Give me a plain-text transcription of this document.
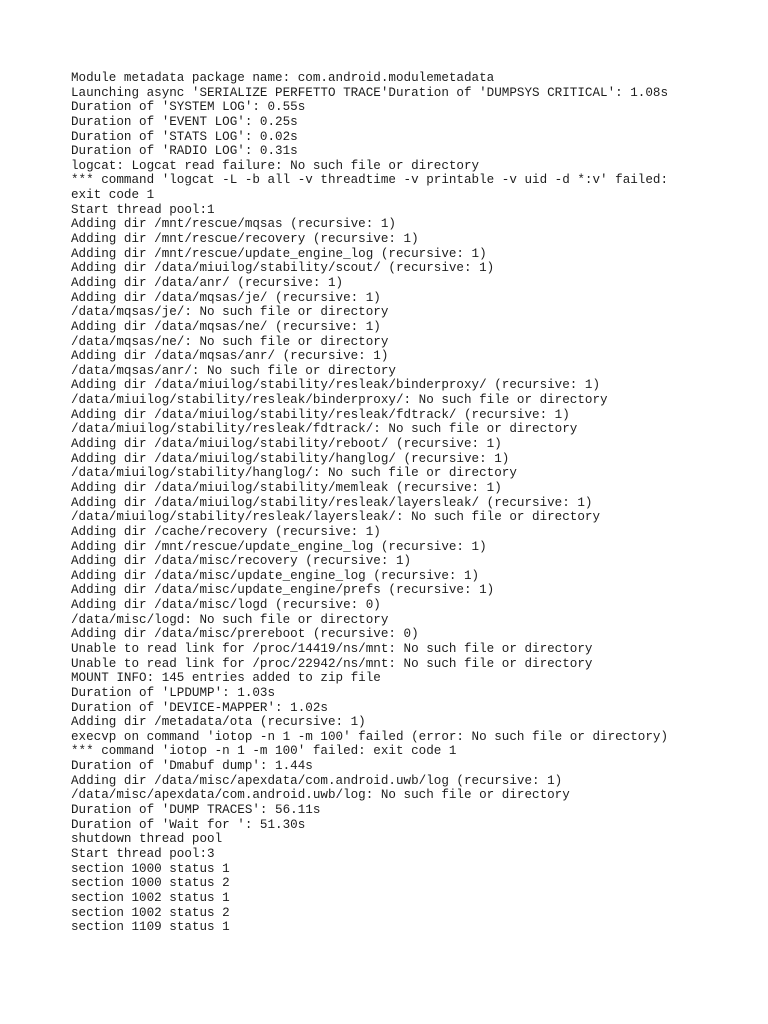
Module metadata package name: com.android.modulemetadata
Launching async 'SERIALIZE PERFETTO TRACE'Duration of 'DUMPSYS CRITICAL': 1.08s
Duration of 'SYSTEM LOG': 0.55s
Duration of 'EVENT LOG': 0.25s
Duration of 'STATS LOG': 0.02s
Duration of 'RADIO LOG': 0.31s
logcat: Logcat read failure: No such file or directory
*** command 'logcat -L -b all -v threadtime -v printable -v uid -d *:v' failed:
exit code 1
Start thread pool:1
Adding dir /mnt/rescue/mqsas (recursive: 1)
Adding dir /mnt/rescue/recovery (recursive: 1)
Adding dir /mnt/rescue/update_engine_log (recursive: 1)
Adding dir /data/miuilog/stability/scout/ (recursive: 1)
Adding dir /data/anr/ (recursive: 1)
Adding dir /data/mqsas/je/ (recursive: 1)
/data/mqsas/je/: No such file or directory
Adding dir /data/mqsas/ne/ (recursive: 1)
/data/mqsas/ne/: No such file or directory
Adding dir /data/mqsas/anr/ (recursive: 1)
/data/mqsas/anr/: No such file or directory
Adding dir /data/miuilog/stability/resleak/binderproxy/ (recursive: 1)
/data/miuilog/stability/resleak/binderproxy/: No such file or directory
Adding dir /data/miuilog/stability/resleak/fdtrack/ (recursive: 1)
/data/miuilog/stability/resleak/fdtrack/: No such file or directory
Adding dir /data/miuilog/stability/reboot/ (recursive: 1)
Adding dir /data/miuilog/stability/hanglog/ (recursive: 1)
/data/miuilog/stability/hanglog/: No such file or directory
Adding dir /data/miuilog/stability/memleak (recursive: 1)
Adding dir /data/miuilog/stability/resleak/layersleak/ (recursive: 1)
/data/miuilog/stability/resleak/layersleak/: No such file or directory
Adding dir /cache/recovery (recursive: 1)
Adding dir /mnt/rescue/update_engine_log (recursive: 1)
Adding dir /data/misc/recovery (recursive: 1)
Adding dir /data/misc/update_engine_log (recursive: 1)
Adding dir /data/misc/update_engine/prefs (recursive: 1)
Adding dir /data/misc/logd (recursive: 0)
/data/misc/logd: No such file or directory
Adding dir /data/misc/prereboot (recursive: 0)
Unable to read link for /proc/14419/ns/mnt: No such file or directory
Unable to read link for /proc/22942/ns/mnt: No such file or directory
MOUNT INFO: 145 entries added to zip file
Duration of 'LPDUMP': 1.03s
Duration of 'DEVICE-MAPPER': 1.02s
Adding dir /metadata/ota (recursive: 1)
execvp on command 'iotop -n 1 -m 100' failed (error: No such file or directory)
*** command 'iotop -n 1 -m 100' failed: exit code 1
Duration of 'Dmabuf dump': 1.44s
Adding dir /data/misc/apexdata/com.android.uwb/log (recursive: 1)
/data/misc/apexdata/com.android.uwb/log: No such file or directory
Duration of 'DUMP TRACES': 56.11s
Duration of 'Wait for ': 51.30s
shutdown thread pool
Start thread pool:3
section 1000 status 1
section 1000 status 2
section 1002 status 1
section 1002 status 2
section 1109 status 1
